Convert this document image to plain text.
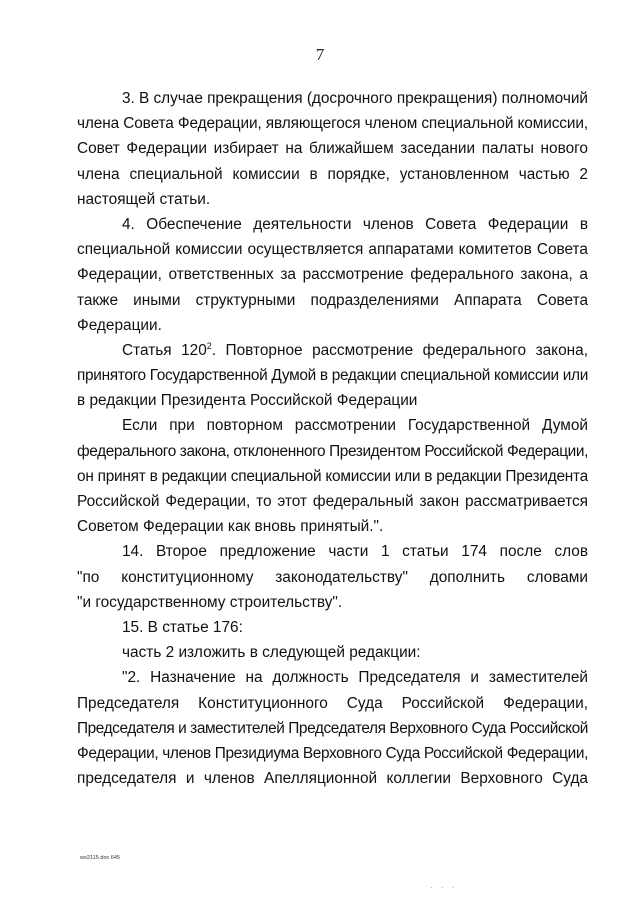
7
3. В случае прекращения (досрочного прекращения) полномочий
члена Совета Федерации, являющегося членом специальной комиссии,
Совет Федерации избирает на ближайшем заседании палаты нового
члена специальной комиссии в порядке, установленном частью 2
настоящей статьи.
4. Обеспечение деятельности членов Совета Федерации в
специальной комиссии осуществляется аппаратами комитетов Совета
Федерации, ответственных за рассмотрение федерального закона, а
также иными структурными подразделениями Аппарата Совета
Федерации.
Статья $120^2$. Повторное рассмотрение федерального закона,
принятого Государственной Думой в редакции специальной комиссии или
в редакции Президента Российской Федерации
Если при повторном рассмотрении Государственной Думой
федерального закона, отклоненного Президентом Российской Федерации,
он принят в редакции специальной комиссии или в редакции Президента
Российской Федерации, то этот федеральный закон рассматривается
Советом Федерации как вновь принятый.".
14. Второе предложение части 1 статьи 174 после слов
"по конституционному законодательству" дополнить словами
"и государственному строительству".
15. В статье 176:
часть 2 изложить в следующей редакции:
"2. Назначение на должность Председателя и заместителей
Председателя Конституционного Суда Российской Федерации,
Председателя и заместителей Председателя Верховного Суда Российской
Федерации, членов Президиума Верховного Суда Российской Федерации,
председателя и членов Апелляционной коллегии Верховного Суда
wo2115.doc 645
· · ·
